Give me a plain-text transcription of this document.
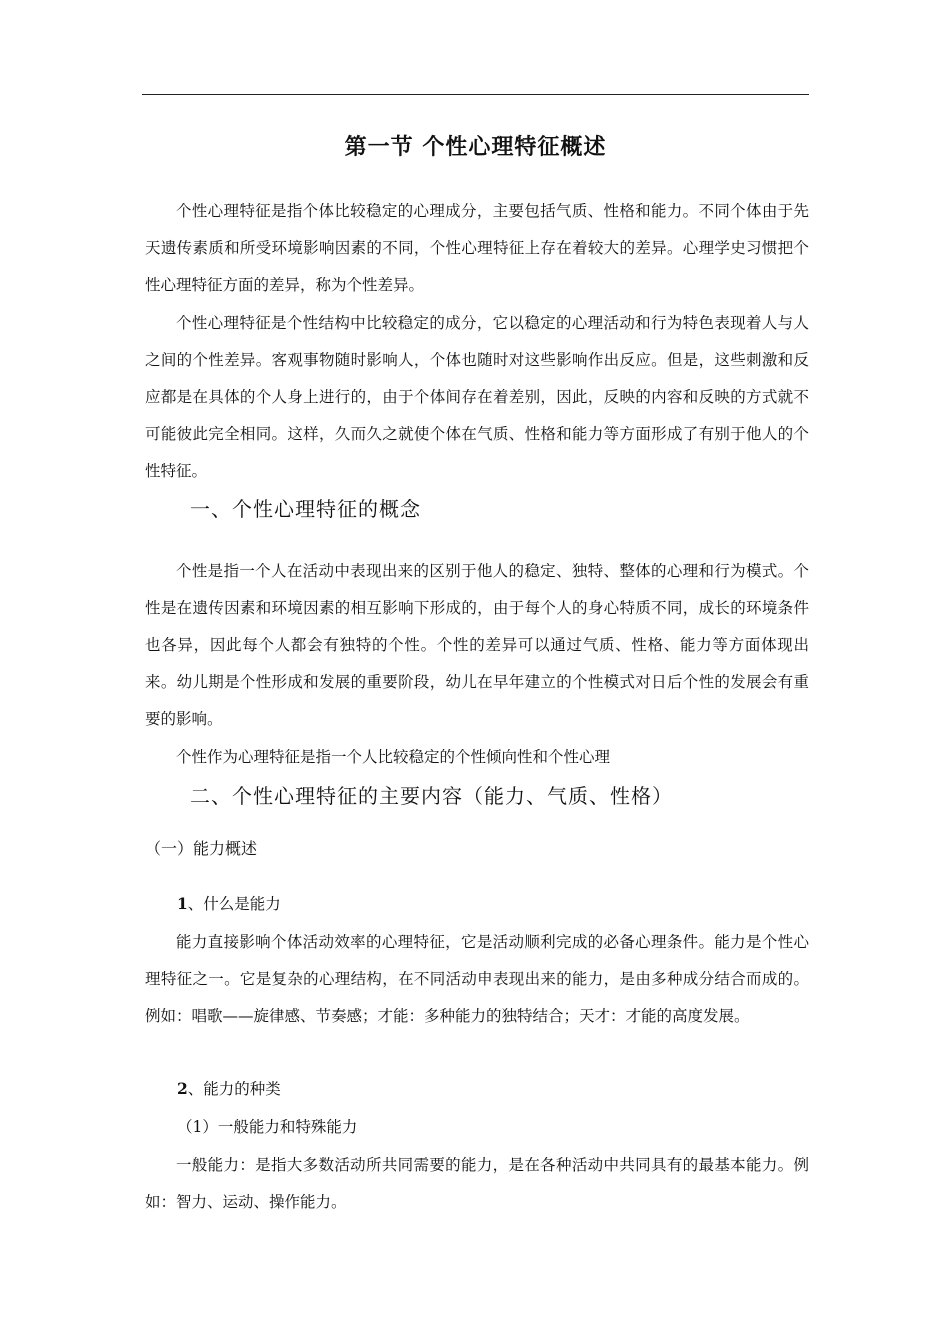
第一节 个性心理特征概述

个性心理特征是指个体比较稳定的心理成分，主要包括气质、性格和能力。不同个体由于先天遗传素质和所受环境影响因素的不同，个性心理特征上存在着较大的差异。心理学史习惯把个性心理特征方面的差异，称为个性差异。

个性心理特征是个性结构中比较稳定的成分，它以稳定的心理活动和行为特色表现着人与人之间的个性差异。客观事物随时影响人，个体也随时对这些影响作出反应。但是，这些刺激和反应都是在具体的个人身上进行的，由于个体间存在着差别，因此，反映的内容和反映的方式就不可能彼此完全相同。这样，久而久之就使个体在气质、性格和能力等方面形成了有别于他人的个性特征。

一、个性心理特征的概念

个性是指一个人在活动中表现出来的区别于他人的稳定、独特、整体的心理和行为模式。个性是在遗传因素和环境因素的相互影响下形成的，由于每个人的身心特质不同，成长的环境条件也各异，因此每个人都会有独特的个性。个性的差异可以通过气质、性格、能力等方面体现出来。幼儿期是个性形成和发展的重要阶段，幼儿在早年建立的个性模式对日后个性的发展会有重要的影响。

个性作为心理特征是指一个人比较稳定的个性倾向性和个性心理

二、个性心理特征的主要内容（能力、气质、性格）

（一）能力概述

1、什么是能力

能力直接影响个体活动效率的心理特征，它是活动顺利完成的必备心理条件。能力是个性心理特征之一。它是复杂的心理结构，在不同活动申表现出来的能力，是由多种成分结合而成的。例如：唱歌——旋律感、节奏感；才能：多种能力的独特结合；天才：才能的高度发展。

2、能力的种类

（1）一般能力和特殊能力

一般能力：是指大多数活动所共同需要的能力，是在各种活动中共同具有的最基本能力。例如：智力、运动、操作能力。
